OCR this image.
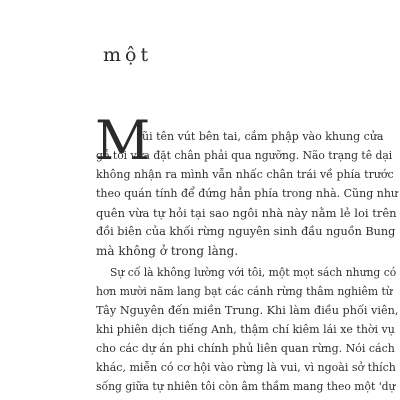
một
M
ũi tên vút bên tai, cắm phập vào khung cửa
gỗ tôi vừa đặt chân phải qua ngưỡng. Não trạng tê dại
không nhận ra mình vẫn nhấc chân trái về phía trước
theo quán tính để đứng hẳn phía trong nhà. Cũng như
quên vừa tự hỏi tại sao ngôi nhà này nằm lẻ loi trên
đồi biên của khối rừng nguyên sinh đầu nguồn Bung
mà không ở trong làng.
Sự cố là không lường với tôi, một mọt sách nhưng có
hơn mười năm lang bạt các cánh rừng thâm nghiêm từ
Tây Nguyên đến miền Trung. Khi làm điều phối viên,
khi phiên dịch tiếng Anh, thậm chí kiêm lái xe thời vụ
cho các dự án phi chính phủ liên quan rừng. Nói cách
khác, miễn có cơ hội vào rừng là vui, vì ngoài sở thích
sống giữa tự nhiên tôi còn âm thầm mang theo một 'dự
